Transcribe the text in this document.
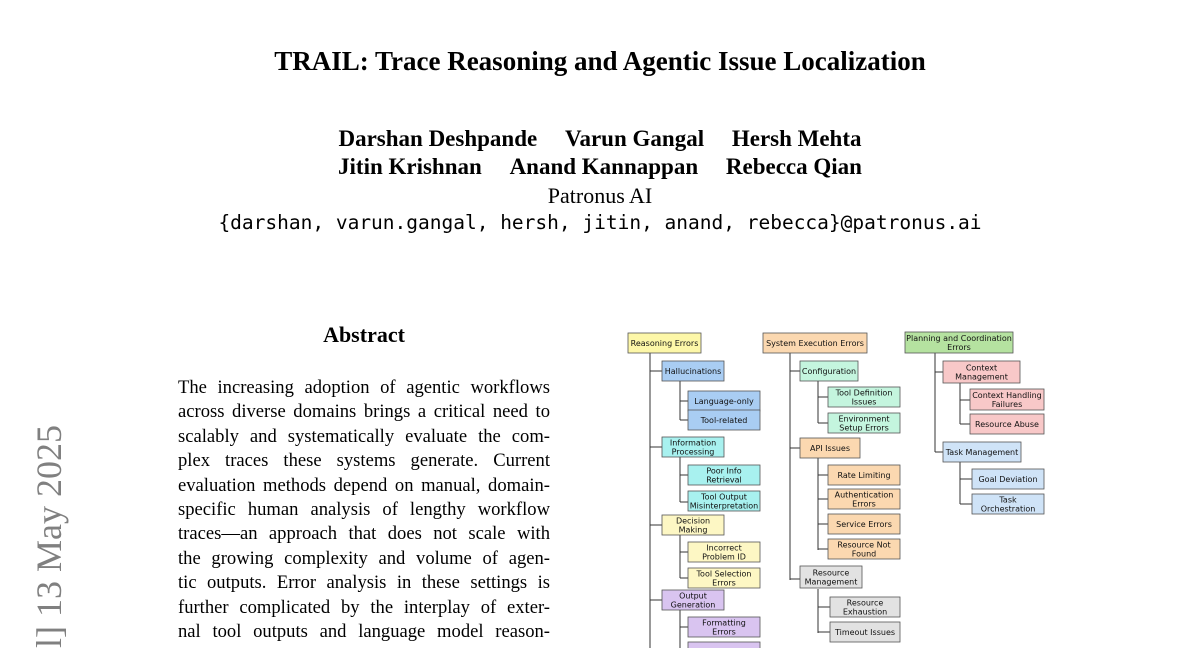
TRAIL: Trace Reasoning and Agentic Issue Localization
Darshan Deshpande Varun Gangal Hersh Mehta
Jitin Krishnan Anand Kannappan Rebecca Qian
Patronus AI
{darshan, varun.gangal, hersh, jitin, anand, rebecca}@patronus.ai
l] 13 May 2025
Abstract
The increasing adoption of agentic workflows
across diverse domains brings a critical need to
scalably and systematically evaluate the com-
plex traces these systems generate. Current
evaluation methods depend on manual, domain-
specific human analysis of lengthy workflow
traces—an approach that does not scale with
the growing complexity and volume of agen-
tic outputs. Error analysis in these settings is
further complicated by the interplay of exter-
nal tool outputs and language model reason-
Reasoning Errors
Hallucinations
Language-only
Tool-related
Information
Processing
Poor Info
Retrieval
Tool Output
Misinterpretation
Decision
Making
Incorrect
Problem ID
Tool Selection
Errors
Output
Generation
Formatting
Errors
System Execution Errors
Configuration
Tool Definition
Issues
Environment
Setup Errors
API Issues
Rate Limiting
Authentication
Errors
Service Errors
Resource Not
Found
Resource
Management
Resource
Exhaustion
Timeout Issues
Planning and Coordination
Errors
Context
Management
Context Handling
Failures
Resource Abuse
Task Management
Goal Deviation
Task
Orchestration
